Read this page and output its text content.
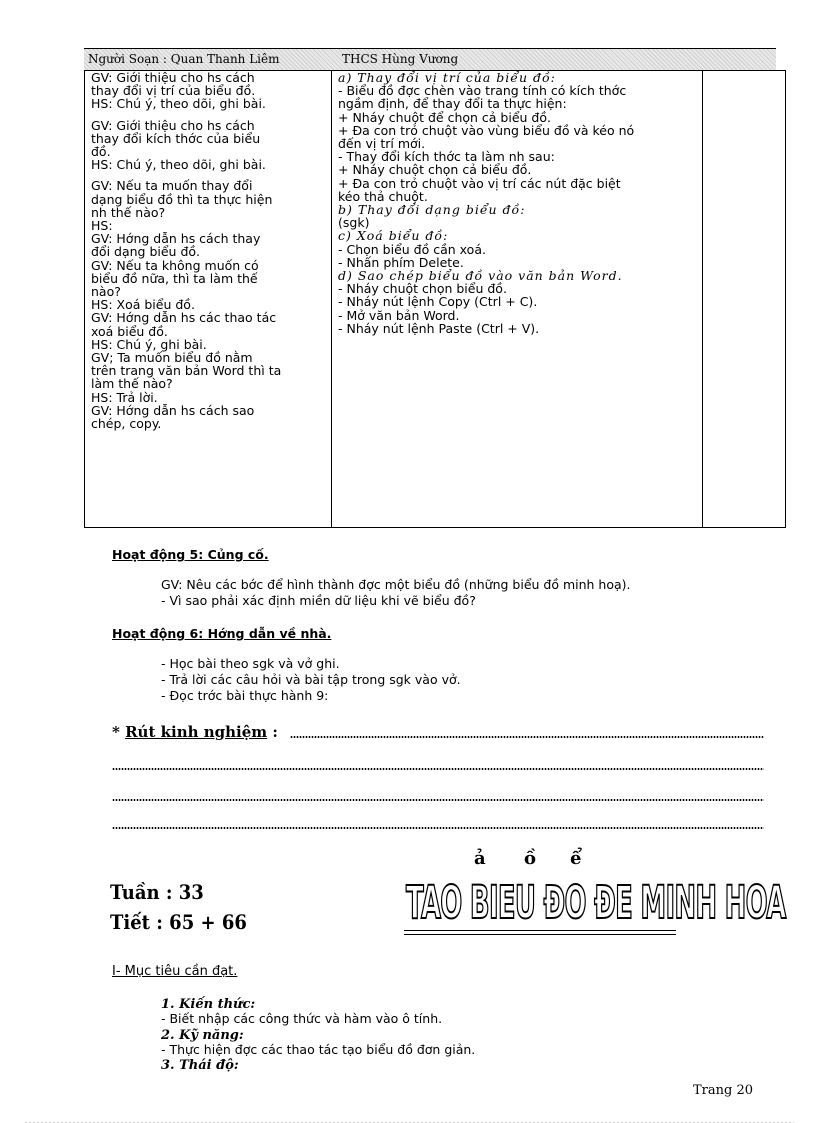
Người Soạn : Quan Thanh Liêm	THCS Hùng Vương
GV: Giới thiệu cho hs cách
thay đổi vị trí của biểu đồ.
HS: Chú ý, theo dõi, ghi bài.
GV: Giới thiệu cho hs cách
thay đổi kích thớc của biểu
đồ.
HS: Chú ý, theo dõi, ghi bài.
GV: Nếu ta muốn thay đổi
dạng biểu đồ thì ta thực hiện
nh thế nào?
HS:
GV: Hớng dẫn hs cách thay
đổi dạng biểu đồ.
GV: Nếu ta không muốn có
biểu đồ nữa, thì ta làm thế
nào?
HS: Xoá biểu đồ.
GV: Hớng dẫn hs các thao tác
xoá biểu đồ.
HS: Chú ý, ghi bài.
GV; Ta muốn biểu đồ nằm
trên trang văn bản Word thì ta
làm thế nào?
HS: Trả lời.
GV: Hớng dẫn hs cách sao
chép, copy.

a) Thay đổi vị trí của biểu đồ:
- Biểu đồ đợc chèn vào trang tính có kích thớc
ngầm định, để thay đổi ta thực hiện:
+ Nháy chuột để chọn cả biểu đồ.
+ Đa con trỏ chuột vào vùng biểu đồ và kéo nó
đến vị trí mới.
- Thay đổi kích thớc ta làm nh sau:
+ Nháy chuột chọn cả biểu đồ.
+ Đa con trỏ chuột vào vị trí các nút đặc biệt
kéo thả chuột.
b) Thay đổi dạng biểu đồ:
(sgk)
c) Xoá biểu đồ:
- Chọn biểu đồ cần xoá.
- Nhấn phím Delete.
d) Sao chép biểu đồ vào văn bản Word.
- Nháy chuột chọn biểu đồ.
- Nháy nút lệnh Copy (Ctrl + C).
- Mở văn bản Word.
- Nháy nút lệnh Paste (Ctrl + V).

Hoạt động 5: Củng cố.
GV: Nêu các bớc để hình thành đợc một biểu đồ (những biểu đồ minh hoạ).
- Vì sao phải xác định miền dữ liệu khi vẽ biểu đồ?
Hoạt động 6: Hớng dẫn về nhà.
- Học bài theo sgk và vở ghi.
- Trả lời các câu hỏi và bài tập trong sgk vào vở.
- Đọc trớc bài thực hành 9:
* Rút kinh nghiệm :
Tuần : 33
Tiết : 65 + 66
ả ồ ể
TAO BIEU ĐO ĐE MINH HOA
I- Mục tiêu cần đạt.
1. Kiến thức:
- Biết nhập các công thức và hàm vào ô tính.
2. Kỹ năng:
- Thực hiện đợc các thao tác tạo biểu đồ đơn giản.
3. Thái độ:
Trang 20
